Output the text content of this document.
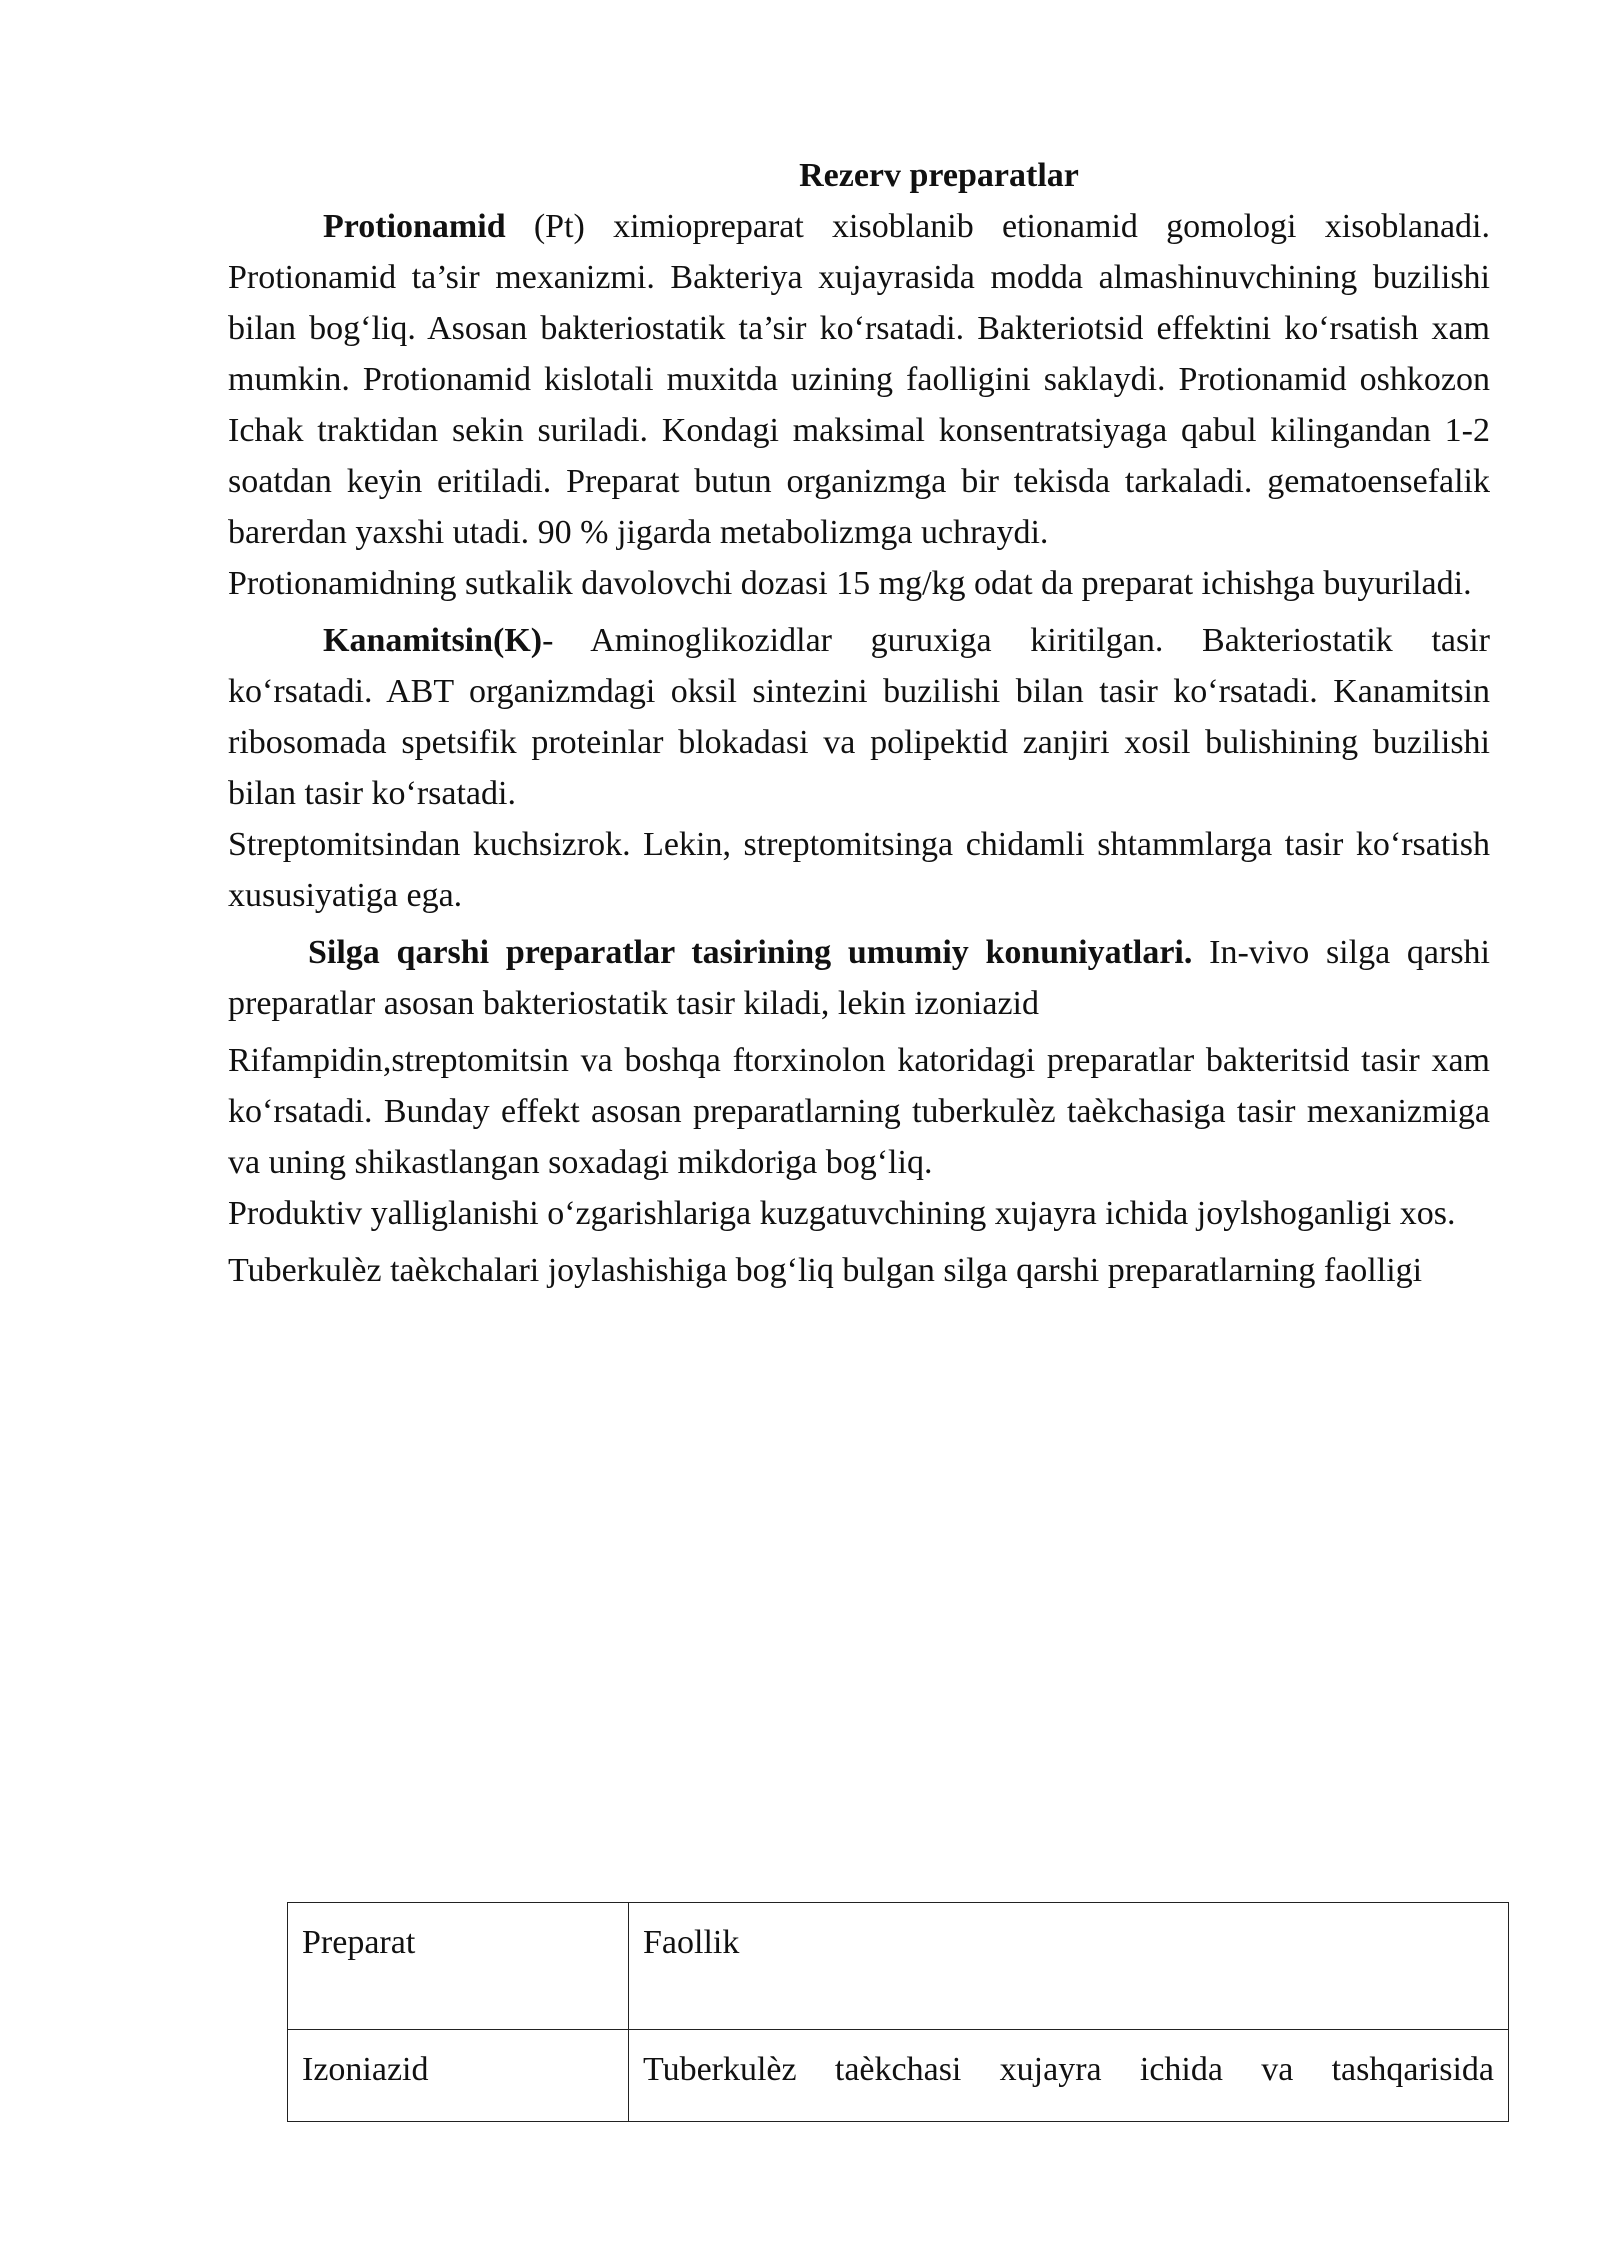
Rezerv preparatlar

Protionamid (Pt) ximiopreparat xisoblanib etionamid gomologi xisoblanadi. Protionamid ta’sir mexanizmi. Bakteriya xujayrasida modda almashinuvchining buzilishi bilan bog‘liq. Asosan bakteriostatik ta’sir ko‘rsatadi. Bakteriotsid effektini ko‘rsatish xam mumkin. Protionamid kislotali muxitda uzining faolligini saklaydi. Protionamid oshkozon Ichak traktidan sekin suriladi. Kondagi maksimal konsentratsiyaga qabul kilingandan 1-2 soatdan keyin eritiladi. Preparat butun organizmga bir tekisda tarkaladi. gematoensefalik barerdan yaxshi utadi. 90 % jigarda metabolizmga uchraydi.

Protionamidning sutkalik davolovchi dozasi 15 mg/kg odat da preparat ichishga buyuriladi.

Kanamitsin(K)- Aminoglikozidlar guruxiga kiritilgan. Bakteriostatik tasir ko‘rsatadi. ABT organizmdagi oksil sintezini buzilishi bilan tasir ko‘rsatadi. Kanamitsin ribosomada spetsifik proteinlar blokadasi va polipektid zanjiri xosil bulishining buzilishi bilan tasir ko‘rsatadi.

Streptomitsindan kuchsizrok. Lekin, streptomitsinga chidamli shtammlarga tasir ko‘rsatish xususiyatiga ega.

Silga qarshi preparatlar tasirining umumiy konuniyatlari. In-vivo silga qarshi preparatlar asosan bakteriostatik tasir kiladi, lekin izoniazid

Rifampidin,streptomitsin va boshqa ftorxinolon katoridagi preparatlar bakteritsid tasir xam ko‘rsatadi. Bunday effekt asosan preparatlarning tuberkulèz taèkchasiga tasir mexanizmiga va uning shikastlangan soxadagi mikdoriga bog‘liq.

Produktiv yalliglanishi o‘zgarishlariga kuzgatuvchining xujayra ichida joylshoganligi xos.

Tuberkulèz taèkchalari joylashishiga bog‘liq bulgan silga qarshi preparatlarning faolligi

Preparat	Faollik
Izoniazid	Tuberkulèz taèkchasi xujayra ichida va tashqarisida
